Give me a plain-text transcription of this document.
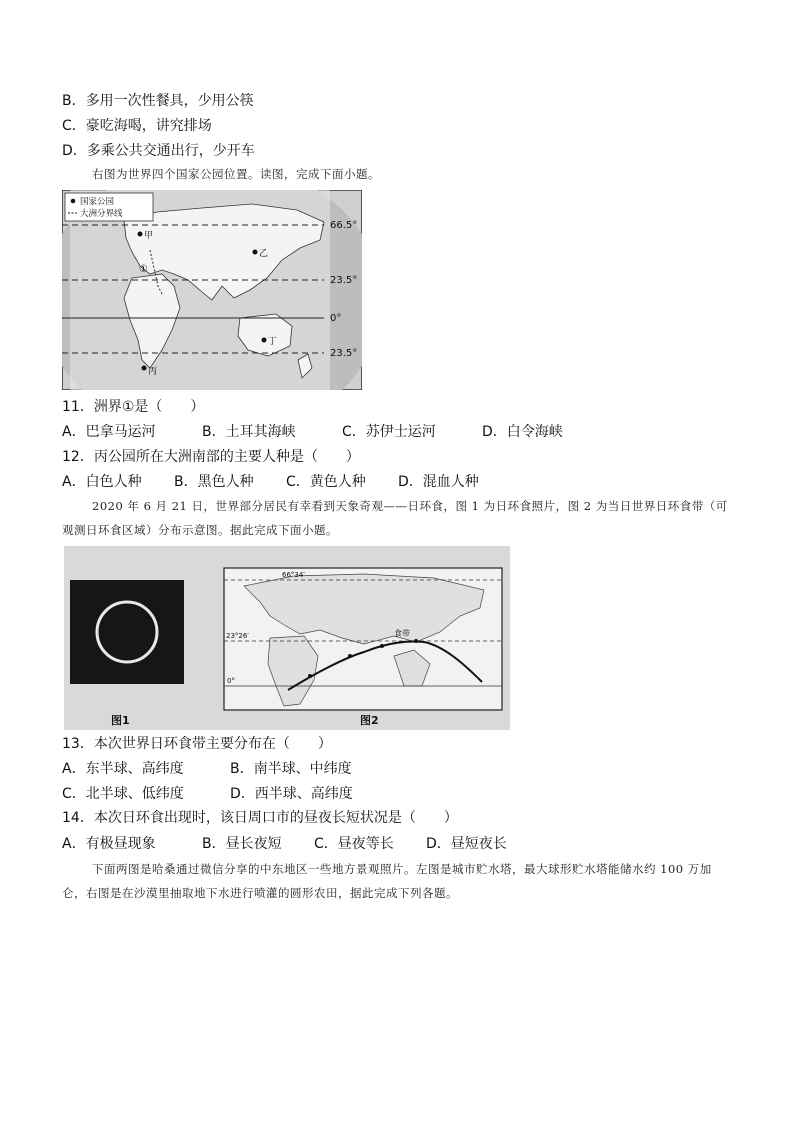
B．多用一次性餐具，少用公筷
C．豪吃海喝，讲究排场
D．多乘公共交通出行，少开车
右图为世界四个国家公园位置。读图，完成下面小题。
国家公园
大洲分界线
66.5°
23.5°
0°
23.5°
甲
乙
丙
丁
①
11．洲界①是（　　）
A．巴拿马运河	B．土耳其海峡	C．苏伊士运河	D．白令海峡
12．丙公园所在大洲南部的主要人种是（　　）
A．白色人种 B．黑色人种 C．黄色人种 D．混血人种
2020 年 6 月 21 日，世界部分居民有幸看到天象奇观——日环食，图 1 为日环食照片，图 2 为当日世界日环食带（可观测日环食区域）分布示意图。据此完成下面小题。
图1
66°34′
23°26′
0°
食带
图2
13．本次世界日环食带主要分布在（　　）
A．东半球、高纬度	B．南半球、中纬度
C．北半球、低纬度	D．西半球、高纬度
14．本次日环食出现时，该日周口市的昼夜长短状况是（　　）
A．有极昼现象	B．昼长夜短 C．昼夜等长 D．昼短夜长
下面两图是哈桑通过微信分享的中东地区一些地方景观照片。左图是城市贮水塔，最大球形贮水塔能储水约 100 万加仑，右图是在沙漠里抽取地下水进行喷灌的圆形农田，据此完成下列各题。
